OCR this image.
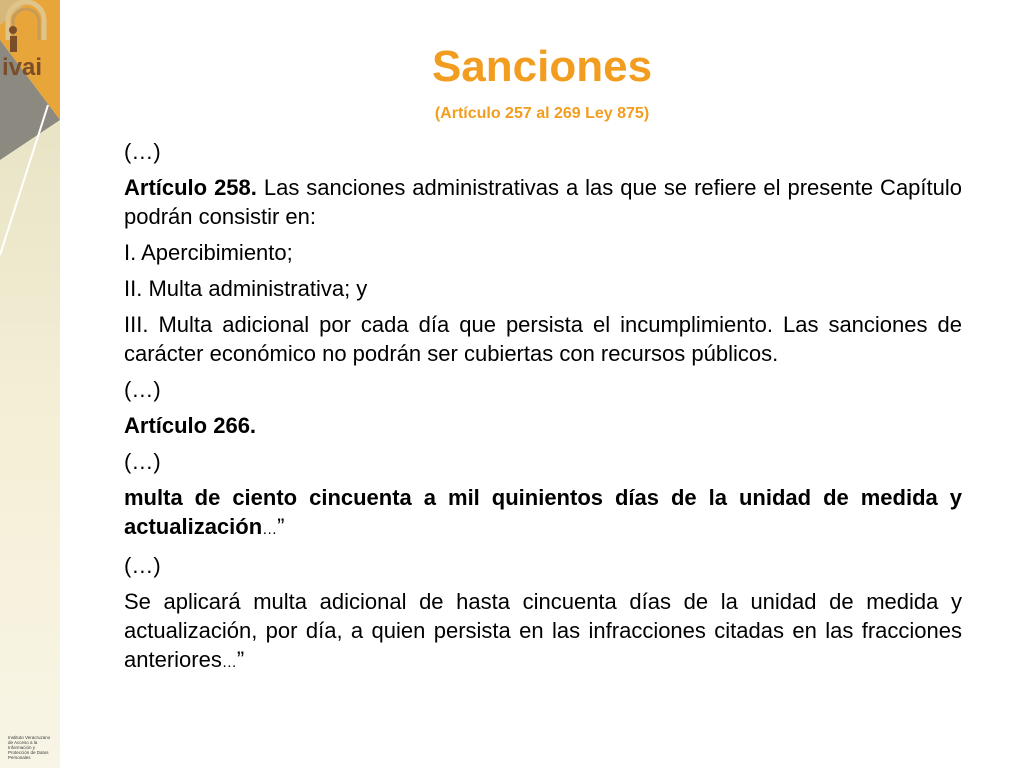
ivai
Instituto Veracruzano de Acceso a la Información y Protección de Datos Personales
Sanciones
(Artículo 257 al 269 Ley 875)

(…)

Artículo 258. Las sanciones administrativas a las que se refiere el presente Capítulo podrán consistir en:

I. Apercibimiento;

II. Multa administrativa; y

III. Multa adicional por cada día que persista el incumplimiento. Las sanciones de carácter económico no podrán ser cubiertas con recursos públicos.

(…)

Artículo 266.

(…)

multa de ciento cincuenta a mil quinientos días de la unidad de medida y actualización…”

(…)

Se aplicará multa adicional de hasta cincuenta días de la unidad de medida y actualización, por día, a quien persista en las infracciones citadas en las fracciones anteriores…”
